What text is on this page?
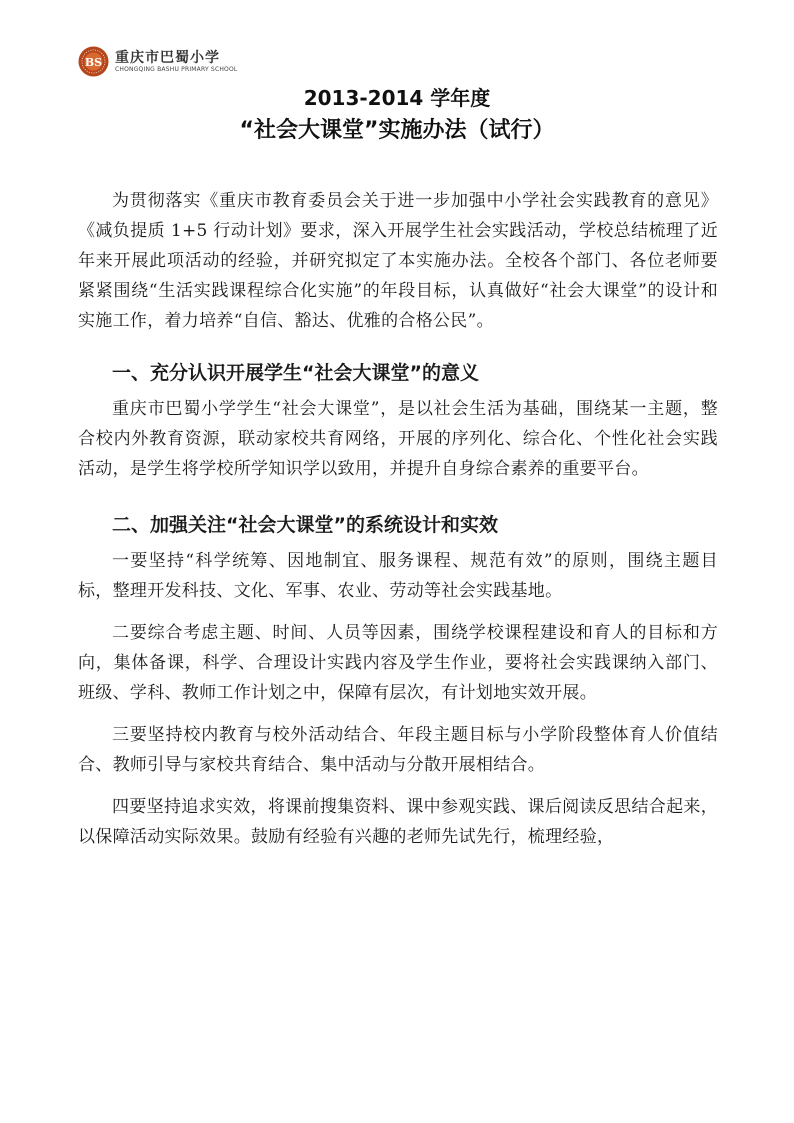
BS 重庆市巴蜀小学
CHONGQING BASHU PRIMARY SCHOOL
2013-2014 学年度
“社会大课堂”实施办法（试行）

为贯彻落实《重庆市教育委员会关于进一步加强中小学社会实践教育的意见》《减负提质 1+5 行动计划》要求，深入开展学生社会实践活动，学校总结梳理了近年来开展此项活动的经验，并研究拟定了本实施办法。全校各个部门、各位老师要紧紧围绕“生活实践课程综合化实施”的年段目标，认真做好“社会大课堂”的设计和实施工作，着力培养“自信、豁达、优雅的合格公民”。

一、充分认识开展学生“社会大课堂”的意义

重庆市巴蜀小学学生“社会大课堂”，是以社会生活为基础，围绕某一主题，整合校内外教育资源，联动家校共育网络，开展的序列化、综合化、个性化社会实践活动，是学生将学校所学知识学以致用，并提升自身综合素养的重要平台。

二、加强关注“社会大课堂”的系统设计和实效

一要坚持“科学统筹、因地制宜、服务课程、规范有效”的原则，围绕主题目标，整理开发科技、文化、军事、农业、劳动等社会实践基地。

二要综合考虑主题、时间、人员等因素，围绕学校课程建设和育人的目标和方向，集体备课，科学、合理设计实践内容及学生作业，要将社会实践课纳入部门、班级、学科、教师工作计划之中，保障有层次，有计划地实效开展。

三要坚持校内教育与校外活动结合、年段主题目标与小学阶段整体育人价值结合、教师引导与家校共育结合、集中活动与分散开展相结合。

四要坚持追求实效，将课前搜集资料、课中参观实践、课后阅读反思结合起来，以保障活动实际效果。鼓励有经验有兴趣的老师先试先行，梳理经验，
